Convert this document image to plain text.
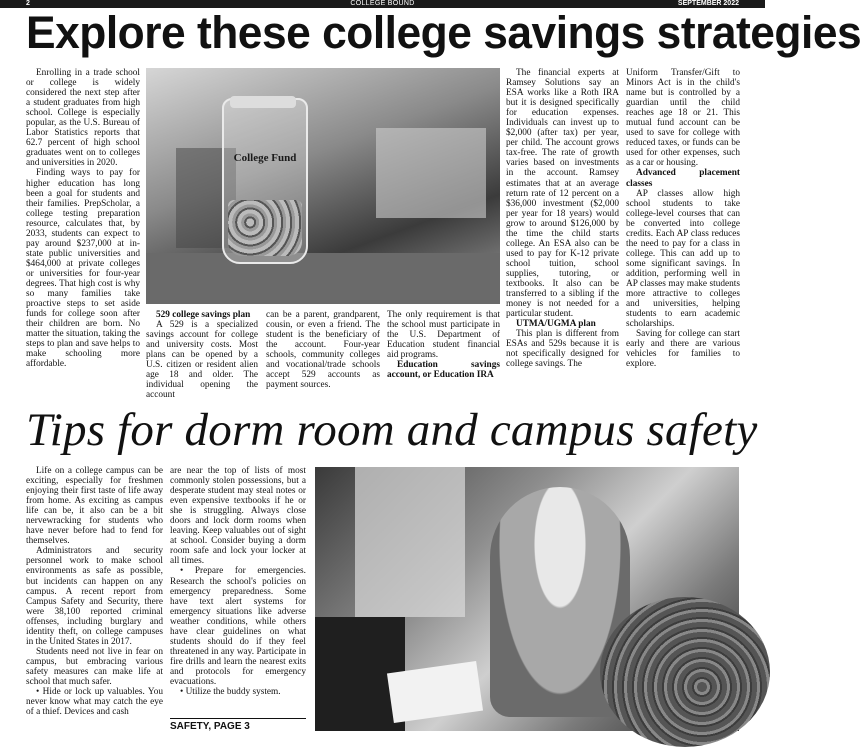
2	COLLEGE BOUND	SEPTEMBER 2022
Explore these college savings strategies

Enrolling in a trade school or college is widely considered the next step after a student graduates from high school. College is especially popular, as the U.S. Bureau of Labor Statistics reports that 62.7 percent of high school graduates went on to colleges and universities in 2020.

Finding ways to pay for higher education has long been a goal for students and their families. PrepScholar, a college testing preparation resource, calculates that, by 2033, students can expect to pay around $237,000 at in-state public universities and $464,000 at private colleges or universities for four-year degrees. That high cost is why so many families take proactive steps to set aside funds for college soon after their children are born. No matter the situation, taking the steps to plan and save helps to make schooling more affordable.

College Fund

529 college savings plan

A 529 is a specialized savings account for college and university costs. Most plans can be opened by a U.S. citizen or resident alien age 18 and older. The individual opening the account

can be a parent, grandparent, cousin, or even a friend. The student is the beneficiary of the account. Four-year schools, community colleges and vocational/trade schools accept 529 accounts as payment sources.

The only requirement is that the school must participate in the U.S. Department of Education student financial aid programs.

Education savings account, or Education IRA

The financial experts at Ramsey Solutions say an ESA works like a Roth IRA but it is designed specifically for education expenses. Individuals can invest up to $2,000 (after tax) per year, per child. The account grows tax-free. The rate of growth varies based on investments in the account. Ramsey estimates that at an average return rate of 12 percent on a $36,000 investment ($2,000 per year for 18 years) would grow to around $126,000 by the time the child starts college. An ESA also can be used to pay for K-12 private school tuition, school supplies, tutoring, or textbooks. It also can be transferred to a sibling if the money is not needed for a particular student.

UTMA/UGMA plan

This plan is different from ESAs and 529s because it is not specifically designed for college savings. The

Uniform Transfer/Gift to Minors Act is in the child's name but is controlled by a guardian until the child reaches age 18 or 21. This mutual fund account can be used to save for college with reduced taxes, or funds can be used for other expenses, such as a car or housing.

Advanced placement classes

AP classes allow high school students to take college-level courses that can be converted into college credits. Each AP class reduces the need to pay for a class in college. This can add up to some significant savings. In addition, performing well in AP classes may make students more attractive to colleges and universities, helping students to earn academic scholarships.

Saving for college can start early and there are various vehicles for families to explore.

Tips for dorm room and campus safety

Life on a college campus can be exciting, especially for freshmen enjoying their first taste of life away from home. As exciting as campus life can be, it also can be a bit nervewracking for students who have never before had to fend for themselves.

Administrators and security personnel work to make school environments as safe as possible, but incidents can happen on any campus. A recent report from Campus Safety and Security, there were 38,100 reported criminal offenses, including burglary and identity theft, on college campuses in the United States in 2017.

Students need not live in fear on campus, but embracing various safety measures can make life at school that much safer.

• Hide or lock up valuables. You never know what may catch the eye of a thief. Devices and cash

are near the top of lists of most commonly stolen possessions, but a desperate student may steal notes or even expensive textbooks if he or she is struggling. Always close doors and lock dorm rooms when leaving. Keep valuables out of sight at school. Consider buying a dorm room safe and lock your locker at all times.

• Prepare for emergencies. Research the school's policies on emergency preparedness. Some have text alert systems for emergency situations like adverse weather conditions, while others have clear guidelines on what students should do if they feel threatened in any way. Participate in fire drills and learn the nearest exits and protocols for emergency evacuations.

• Utilize the buddy system.

SAFETY, PAGE 3
